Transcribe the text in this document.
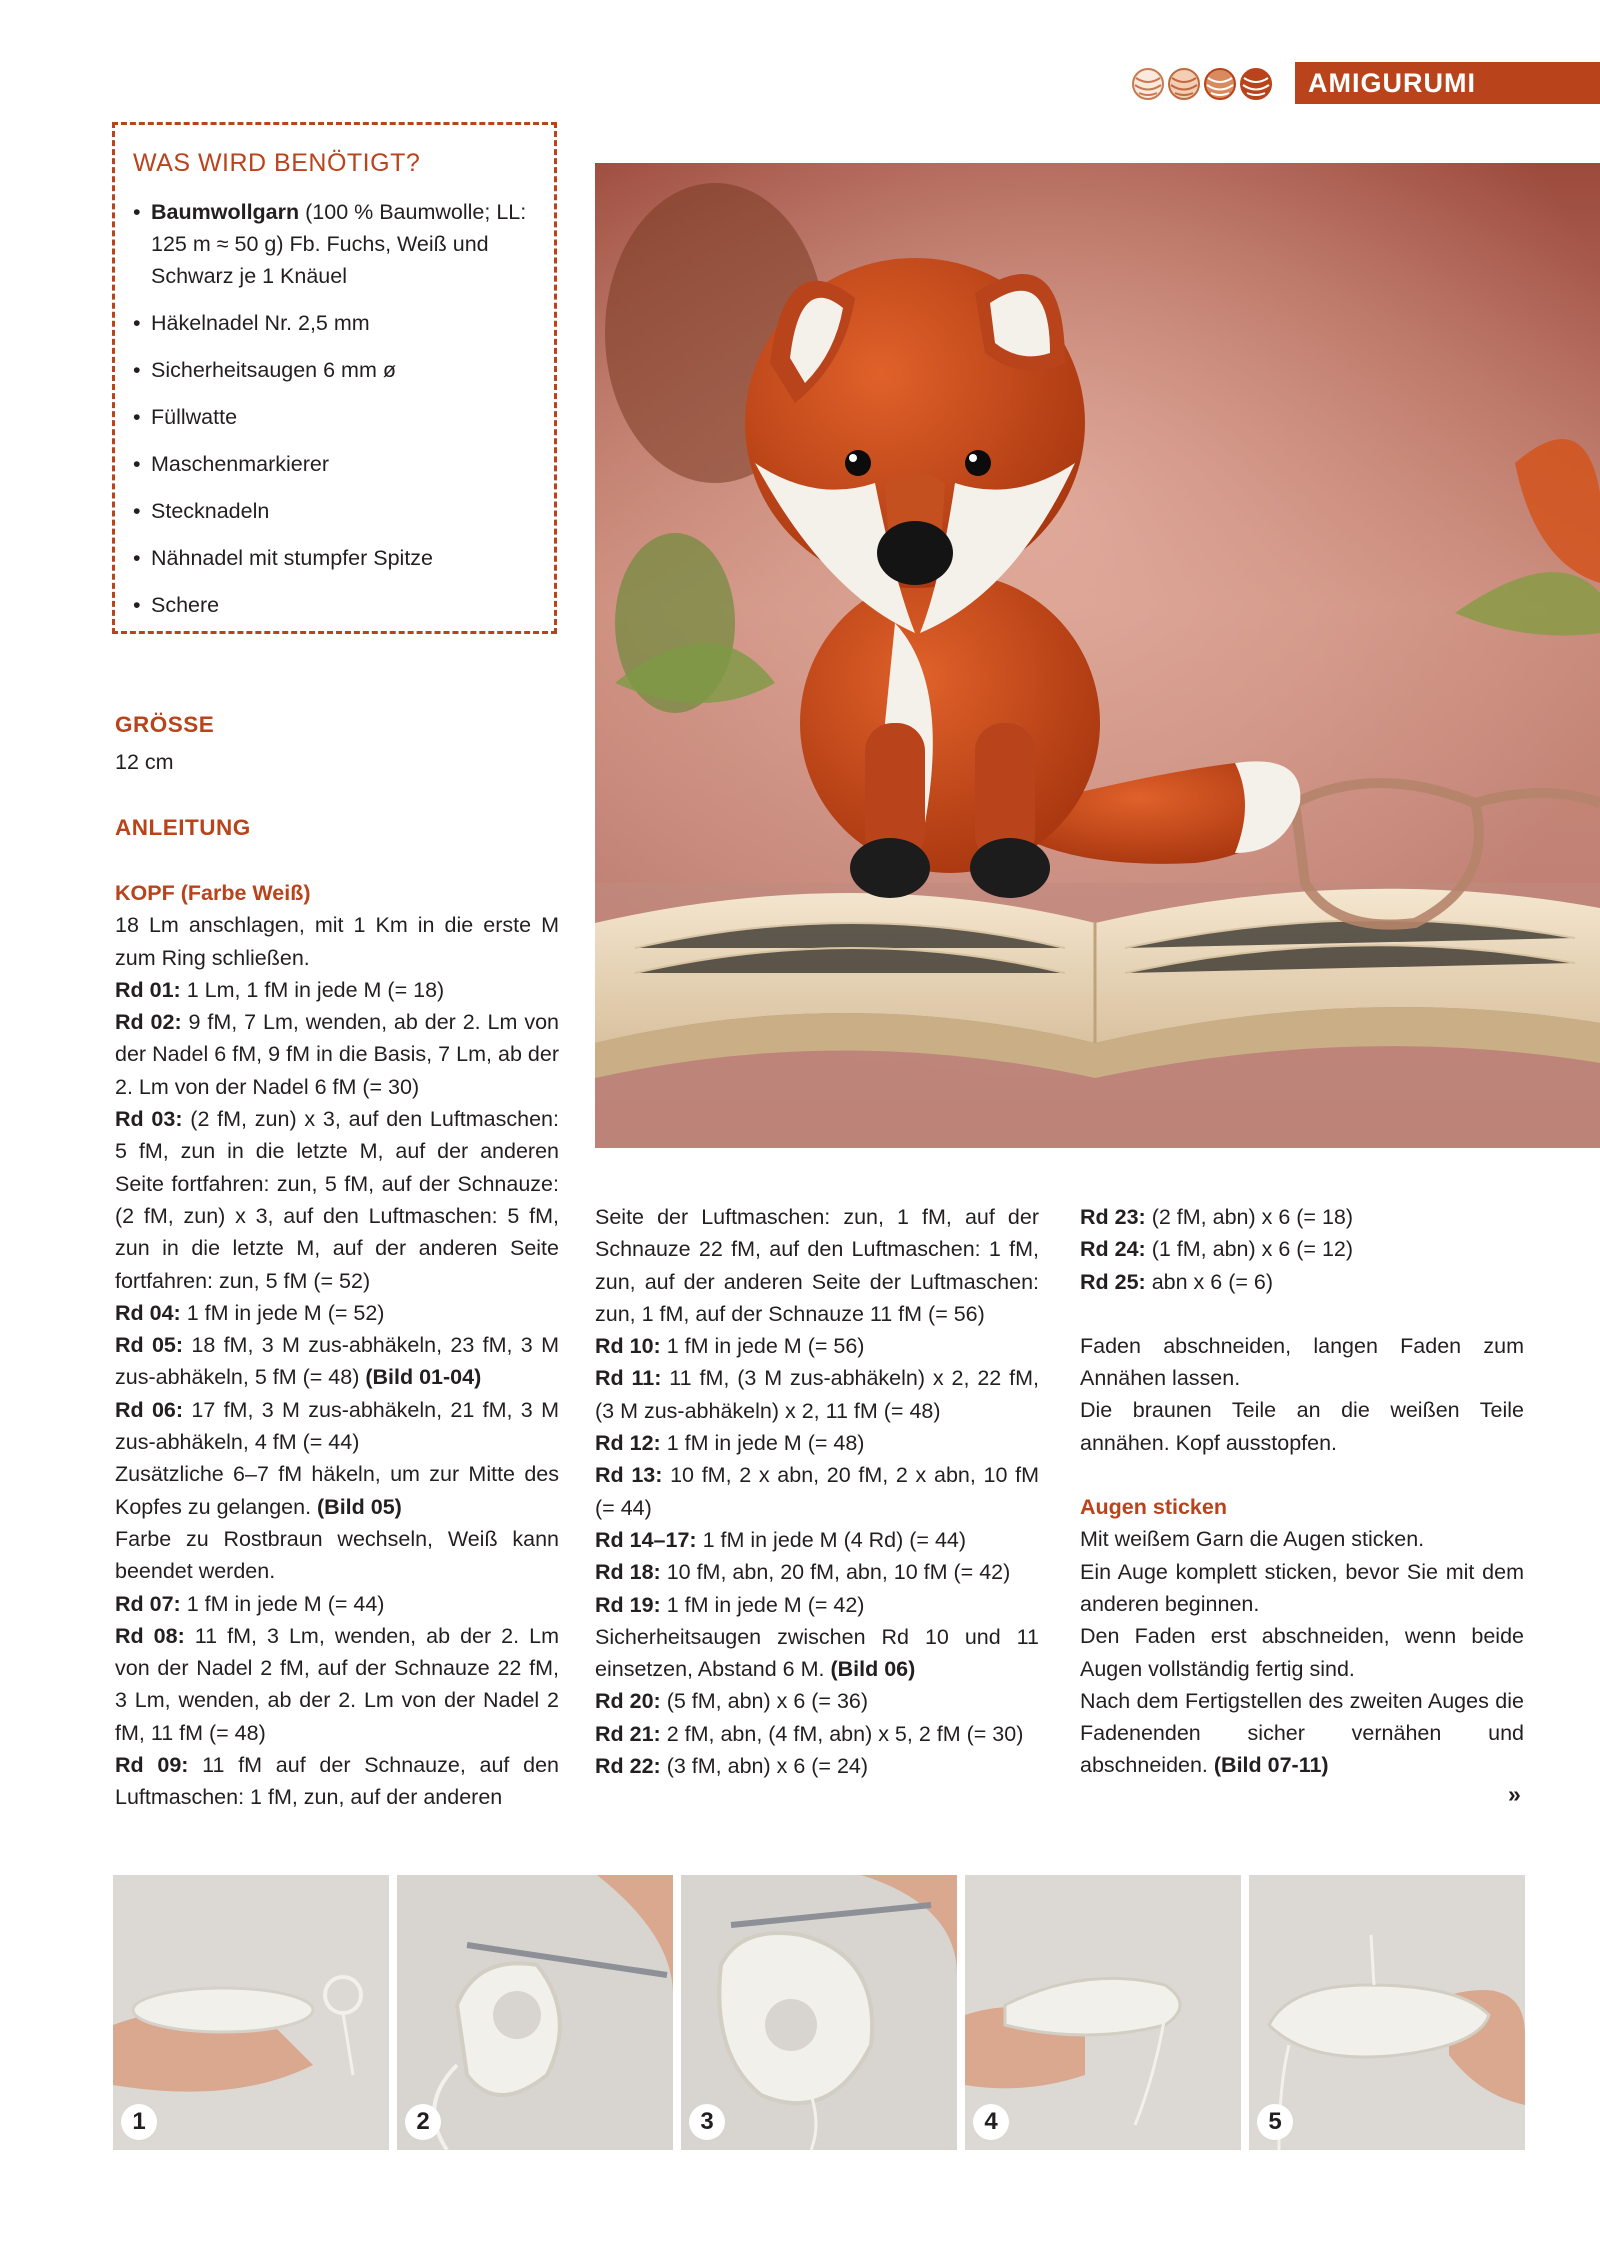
AMIGURUMI
WAS WIRD BENÖTIGT?
• Baumwollgarn (100 % Baumwolle; LL: 125 m ≈ 50 g) Fb. Fuchs, Weiß und Schwarz je 1 Knäuel
• Häkelnadel Nr. 2,5 mm
• Sicherheitsaugen 6 mm ø
• Füllwatte
• Maschenmarkierer
• Stecknadeln
• Nähnadel mit stumpfer Spitze
• Schere
GRÖSSE
12 cm
ANLEITUNG

KOPF (Farbe Weiß)

18 Lm anschlagen, mit 1 Km in die erste M zum Ring schließen.

Rd 01: 1 Lm, 1 fM in jede M (= 18)

Rd 02: 9 fM, 7 Lm, wenden, ab der 2. Lm von der Nadel 6 fM, 9 fM in die Basis, 7 Lm, ab der 2. Lm von der Nadel 6 fM (= 30)

Rd 03: (2 fM, zun) x 3, auf den Luftmaschen: 5 fM, zun in die letzte M, auf der anderen Seite fortfahren: zun, 5 fM, auf der Schnauze: (2 fM, zun) x 3, auf den Luftmaschen: 5 fM, zun in die letzte M, auf der anderen Seite fortfahren: zun, 5 fM (= 52)

Rd 04: 1 fM in jede M (= 52)

Rd 05: 18 fM, 3 M zus-abhäkeln, 23 fM, 3 M zus-abhäkeln, 5 fM (= 48) (Bild 01-04)

Rd 06: 17 fM, 3 M zus-abhäkeln, 21 fM, 3 M zus-abhäkeln, 4 fM (= 44)

Zusätzliche 6–7 fM häkeln, um zur Mitte des Kopfes zu gelangen. (Bild 05)

Farbe zu Rostbraun wechseln, Weiß kann beendet werden.

Rd 07: 1 fM in jede M (= 44)

Rd 08: 11 fM, 3 Lm, wenden, ab der 2. Lm von der Nadel 2 fM, auf der Schnauze 22 fM, 3 Lm, wenden, ab der 2. Lm von der Nadel 2 fM, 11 fM (= 48)

Rd 09: 11 fM auf der Schnauze, auf den Luftmaschen: 1 fM, zun, auf der anderen

Seite der Luftmaschen: zun, 1 fM, auf der Schnauze 22 fM, auf den Luftmaschen: 1 fM, zun, auf der anderen Seite der Luftmaschen: zun, 1 fM, auf der Schnauze 11 fM (= 56)

Rd 10: 1 fM in jede M (= 56)

Rd 11: 11 fM, (3 M zus-abhäkeln) x 2, 22 fM, (3 M zus-abhäkeln) x 2, 11 fM (= 48)

Rd 12: 1 fM in jede M (= 48)

Rd 13: 10 fM, 2 x abn, 20 fM, 2 x abn, 10 fM (= 44)

Rd 14–17: 1 fM in jede M (4 Rd) (= 44)

Rd 18: 10 fM, abn, 20 fM, abn, 10 fM (= 42)

Rd 19: 1 fM in jede M (= 42)

Sicherheitsaugen zwischen Rd 10 und 11 einsetzen, Abstand 6 M. (Bild 06)

Rd 20: (5 fM, abn) x 6 (= 36)

Rd 21: 2 fM, abn, (4 fM, abn) x 5, 2 fM (= 30)

Rd 22: (3 fM, abn) x 6 (= 24)

Rd 23: (2 fM, abn) x 6 (= 18)

Rd 24: (1 fM, abn) x 6 (= 12)

Rd 25: abn x 6 (= 6)

Faden abschneiden, langen Faden zum Annähen lassen.

Die braunen Teile an die weißen Teile annähen. Kopf ausstopfen.

Augen sticken

Mit weißem Garn die Augen sticken.

Ein Auge komplett sticken, bevor Sie mit dem anderen beginnen.

Den Faden erst abschneiden, wenn beide Augen vollständig fertig sind.

Nach dem Fertigstellen des zweiten Auges die Fadenenden sicher vernähen und abschneiden. (Bild 07-11)

»
1	2	3	4	5
